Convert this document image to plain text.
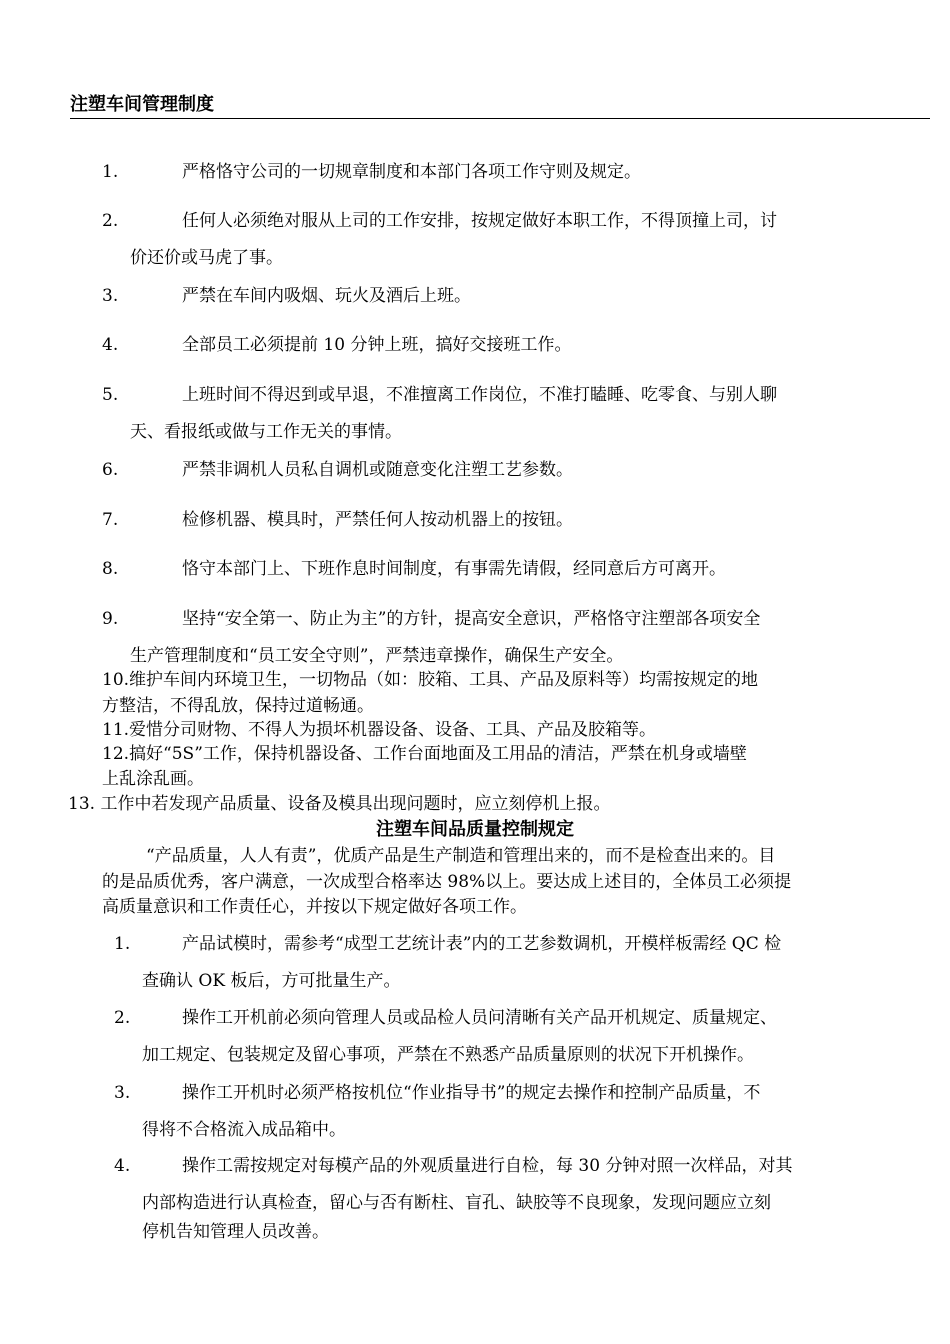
注塑车间管理制度
1.	严格恪守公司的一切规章制度和本部门各项工作守则及规定。
2.	任何人必须绝对服从上司的工作安排，按规定做好本职工作，不得顶撞上司，讨
价还价或马虎了事。
3.	严禁在车间内吸烟、玩火及酒后上班。
4.	全部员工必须提前 10 分钟上班，搞好交接班工作。
5.	上班时间不得迟到或早退，不准擅离工作岗位，不准打瞌睡、吃零食、与别人聊
天、看报纸或做与工作无关的事情。
6.	严禁非调机人员私自调机或随意变化注塑工艺参数。
7.	检修机器、模具时，严禁任何人按动机器上的按钮。
8.	恪守本部门上、下班作息时间制度，有事需先请假，经同意后方可离开。
9.	坚持“安全第一、防止为主”的方针，提高安全意识，严格恪守注塑部各项安全
生产管理制度和“员工安全守则”，严禁违章操作，确保生产安全。
10.维护车间内环境卫生，一切物品（如：胶箱、工具、产品及原料等）均需按规定的地
方整洁，不得乱放，保持过道畅通。
11.爱惜分司财物、不得人为损坏机器设备、设备、工具、产品及胶箱等。
12.搞好“5S”工作，保持机器设备、工作台面地面及工用品的清洁，严禁在机身或墙壁
上乱涂乱画。
13. 工作中若发现产品质量、设备及模具出现问题时，应立刻停机上报。
注塑车间品质量控制规定
“产品质量，人人有责”，优质产品是生产制造和管理出来的，而不是检查出来的。目
的是品质优秀，客户满意，一次成型合格率达 98%以上。要达成上述目的，全体员工必须提
高质量意识和工作责任心，并按以下规定做好各项工作。
1.	产品试模时，需参考“成型工艺统计表”内的工艺参数调机，开模样板需经 QC 检
查确认 OK 板后，方可批量生产。
2.	操作工开机前必须向管理人员或品检人员问清晰有关产品开机规定、质量规定、
加工规定、包装规定及留心事项，严禁在不熟悉产品质量原则的状况下开机操作。
3.	操作工开机时必须严格按机位“作业指导书”的规定去操作和控制产品质量，不
得将不合格流入成品箱中。
4.	操作工需按规定对每模产品的外观质量进行自检，每 30 分钟对照一次样品，对其
内部构造进行认真检查，留心与否有断柱、盲孔、缺胶等不良现象，发现问题应立刻
停机告知管理人员改善。
